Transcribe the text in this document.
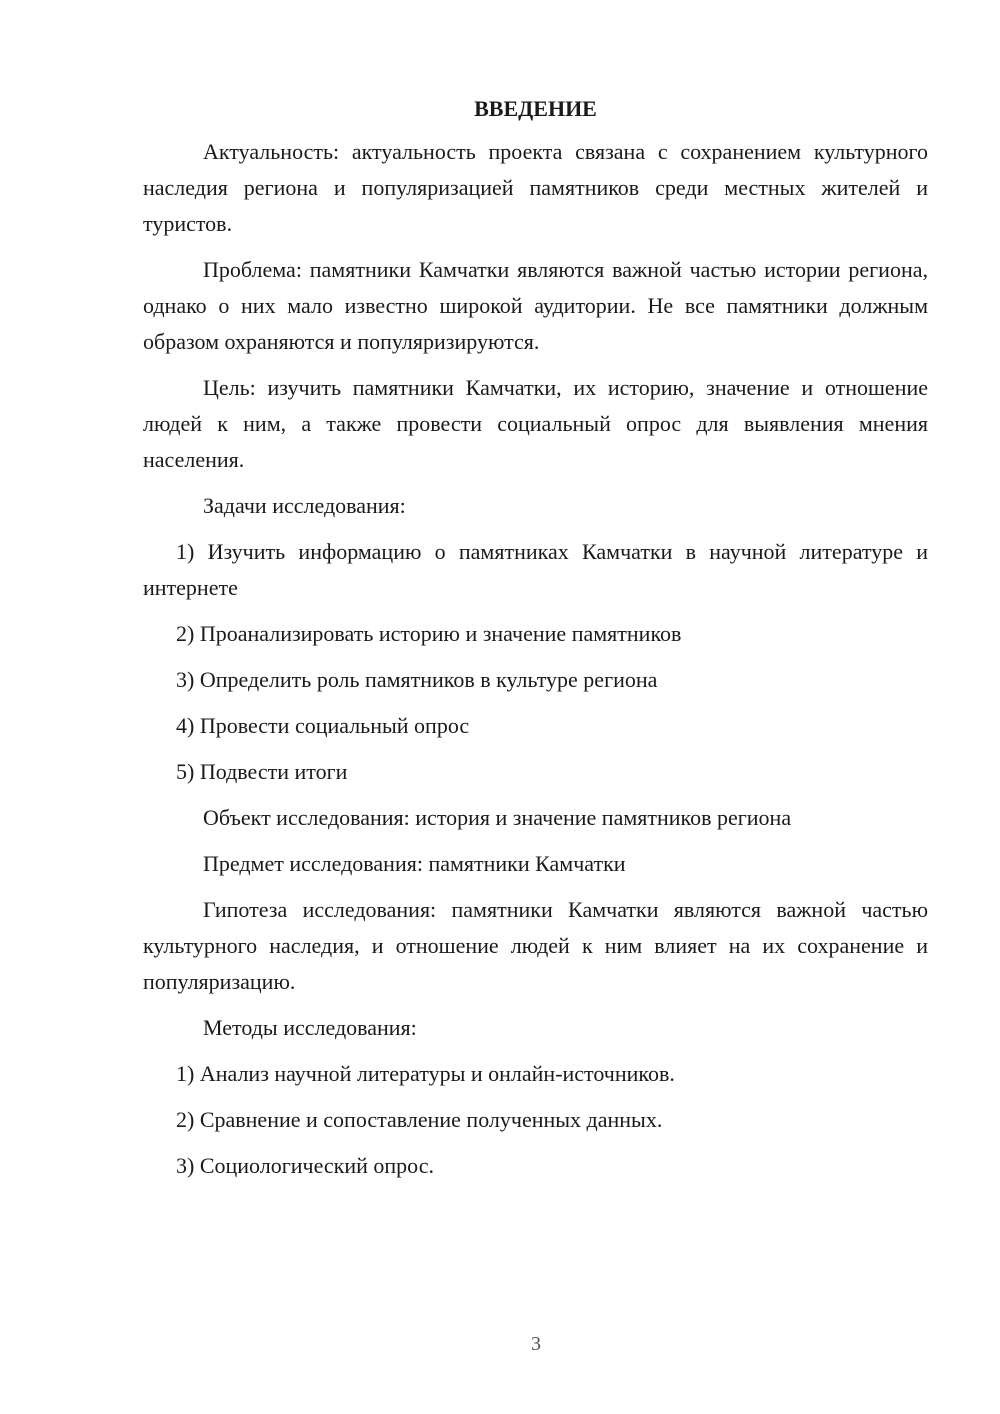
ВВЕДЕНИЕ

Актуальность: актуальность проекта связана с сохранением культурного наследия региона и популяризацией памятников среди местных жителей и туристов.

Проблема: памятники Камчатки являются важной частью истории региона, однако о них мало известно широкой аудитории. Не все памятники должным образом охраняются и популяризируются.

Цель: изучить памятники Камчатки, их историю, значение и отношение людей к ним, а также провести социальный опрос для выявления мнения населения.

Задачи исследования:

1) Изучить информацию о памятниках Камчатки в научной литературе и интернете

2) Проанализировать историю и значение памятников

3) Определить роль памятников в культуре региона

4) Провести социальный опрос

5) Подвести итоги

Объект исследования: история и значение памятников региона

Предмет исследования: памятники Камчатки

Гипотеза исследования: памятники Камчатки являются важной частью культурного наследия, и отношение людей к ним влияет на их сохранение и популяризацию.

Методы исследования:

1) Анализ научной литературы и онлайн-источников.

2) Сравнение и сопоставление полученных данных.

3) Социологический опрос.

3
